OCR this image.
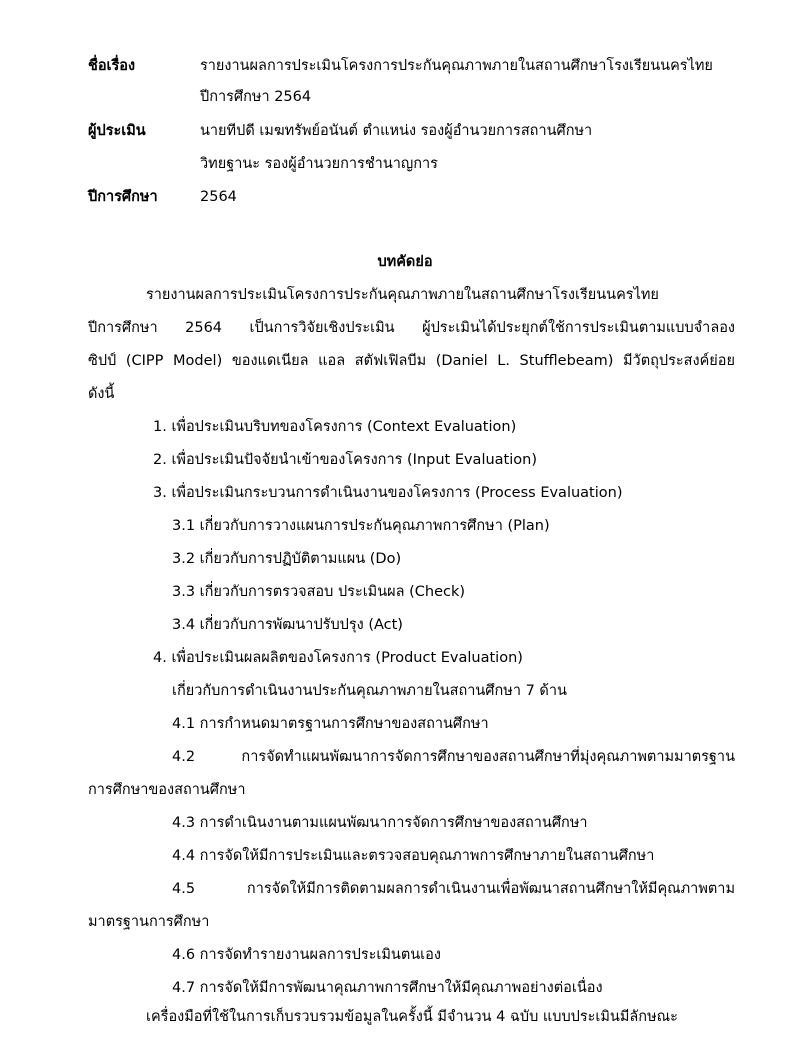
ชื่อเรื่อง	รายงานผลการประเมินโครงการประกันคุณภาพภายในสถานศึกษาโรงเรียนนครไทย
ปีการศึกษา 2564
ผู้ประเมิน	นายทีปดี เมฆทรัพย์อนันต์ ตำแหน่ง รองผู้อำนวยการสถานศึกษา
วิทยฐานะ รองผู้อำนวยการชำนาญการ
ปีการศึกษา	2564
บทคัดย่อ
รายงานผลการประเมินโครงการประกันคุณภาพภายในสถานศึกษาโรงเรียนนครไทย
ปีการศึกษา 2564 เป็นการวิจัยเชิงประเมิน ผู้ประเมินได้ประยุกต์ใช้การประเมินตามแบบจำลอง
ซิปป์ (CIPP Model) ของแดเนียล แอล สตัฟเฟิลบีม (Daniel L. Stufflebeam) มีวัตถุประสงค์ย่อย
ดังนี้
1. เพื่อประเมินบริบทของโครงการ (Context Evaluation)
2. เพื่อประเมินปัจจัยนำเข้าของโครงการ (Input Evaluation)
3. เพื่อประเมินกระบวนการดำเนินงานของโครงการ (Process Evaluation)
3.1 เกี่ยวกับการวางแผนการประกันคุณภาพการศึกษา (Plan)
3.2 เกี่ยวกับการปฏิบัติตามแผน (Do)
3.3 เกี่ยวกับการตรวจสอบ ประเมินผล (Check)
3.4 เกี่ยวกับการพัฒนาปรับปรุง (Act)
4. เพื่อประเมินผลผลิตของโครงการ (Product Evaluation)
เกี่ยวกับการดำเนินงานประกันคุณภาพภายในสถานศึกษา 7 ด้าน
4.1 การกำหนดมาตรฐานการศึกษาของสถานศึกษา
4.2 การจัดทำแผนพัฒนาการจัดการศึกษาของสถานศึกษาที่มุ่งคุณภาพตามมาตรฐาน
การศึกษาของสถานศึกษา
4.3 การดำเนินงานตามแผนพัฒนาการจัดการศึกษาของสถานศึกษา
4.4 การจัดให้มีการประเมินและตรวจสอบคุณภาพการศึกษาภายในสถานศึกษา
4.5 การจัดให้มีการติดตามผลการดำเนินงานเพื่อพัฒนาสถานศึกษาให้มีคุณภาพตาม
มาตรฐานการศึกษา
4.6 การจัดทำรายงานผลการประเมินตนเอง
4.7 การจัดให้มีการพัฒนาคุณภาพการศึกษาให้มีคุณภาพอย่างต่อเนื่อง
เครื่องมือที่ใช้ในการเก็บรวบรวมข้อมูลในครั้งนี้ มีจำนวน 4 ฉบับ แบบประเมินมีลักษณะ
